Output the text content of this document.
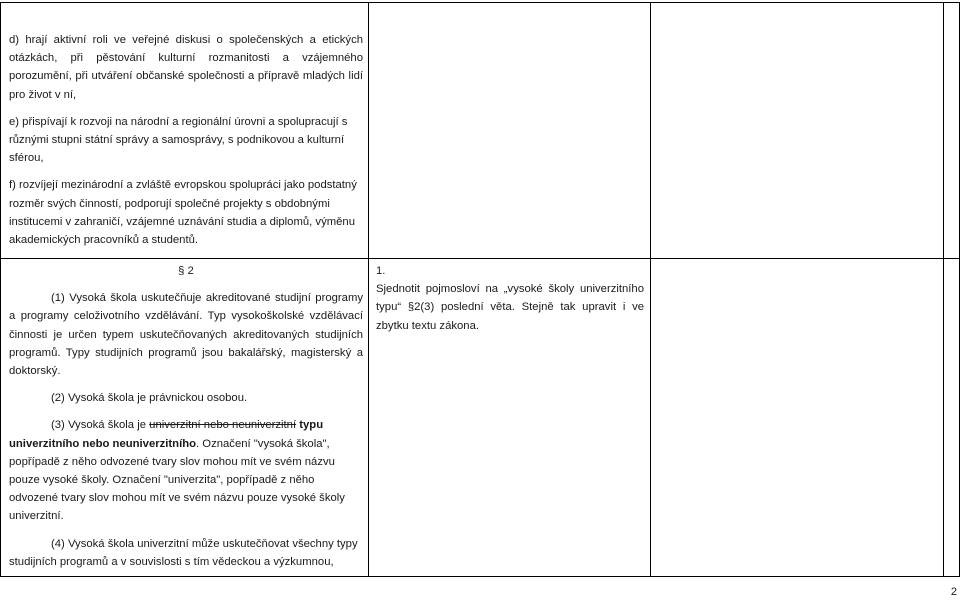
d) hrají aktivní roli ve veřejné diskusi o společenských a etických otázkách, při pěstování kulturní rozmanitosti a vzájemného porozumění, při utváření občanské společnosti a přípravě mladých lidí pro život v ní,

e) přispívají k rozvoji na národní a regionální úrovni a spolupracují s různými stupni státní správy a samosprávy, s podnikovou a kulturní sférou,

f) rozvíjejí mezinárodní a zvláště evropskou spolupráci jako podstatný rozměr svých činností, podporují společné projekty s obdobnými institucemi v zahraničí, vzájemné uznávání studia a diplomů, výměnu akademických pracovníků a studentů.

§ 2

(1) Vysoká škola uskutečňuje akreditované studijní programy a programy celoživotního vzdělávání. Typ vysokoškolské vzdělávací činnosti je určen typem uskutečňovaných akreditovaných studijních programů. Typy studijních programů jsou bakalářský, magisterský a doktorský.

(2) Vysoká škola je právnickou osobou.

(3) Vysoká škola je univerzitní nebo neuniverzitní typu univerzitního nebo neuniverzitního. Označení "vysoká škola", popřípadě z něho odvozené tvary slov mohou mít ve svém názvu pouze vysoké školy. Označení "univerzita", popřípadě z něho odvozené tvary slov mohou mít ve svém názvu pouze vysoké školy univerzitní.

(4) Vysoká škola univerzitní může uskutečňovat všechny typy studijních programů a v souvislosti s tím vědeckou a výzkumnou,

1.

Sjednotit pojmosloví na „vysoké školy univerzitního typu“ §2(3) poslední věta. Stejně tak upravit i ve zbytku textu zákona.

2
